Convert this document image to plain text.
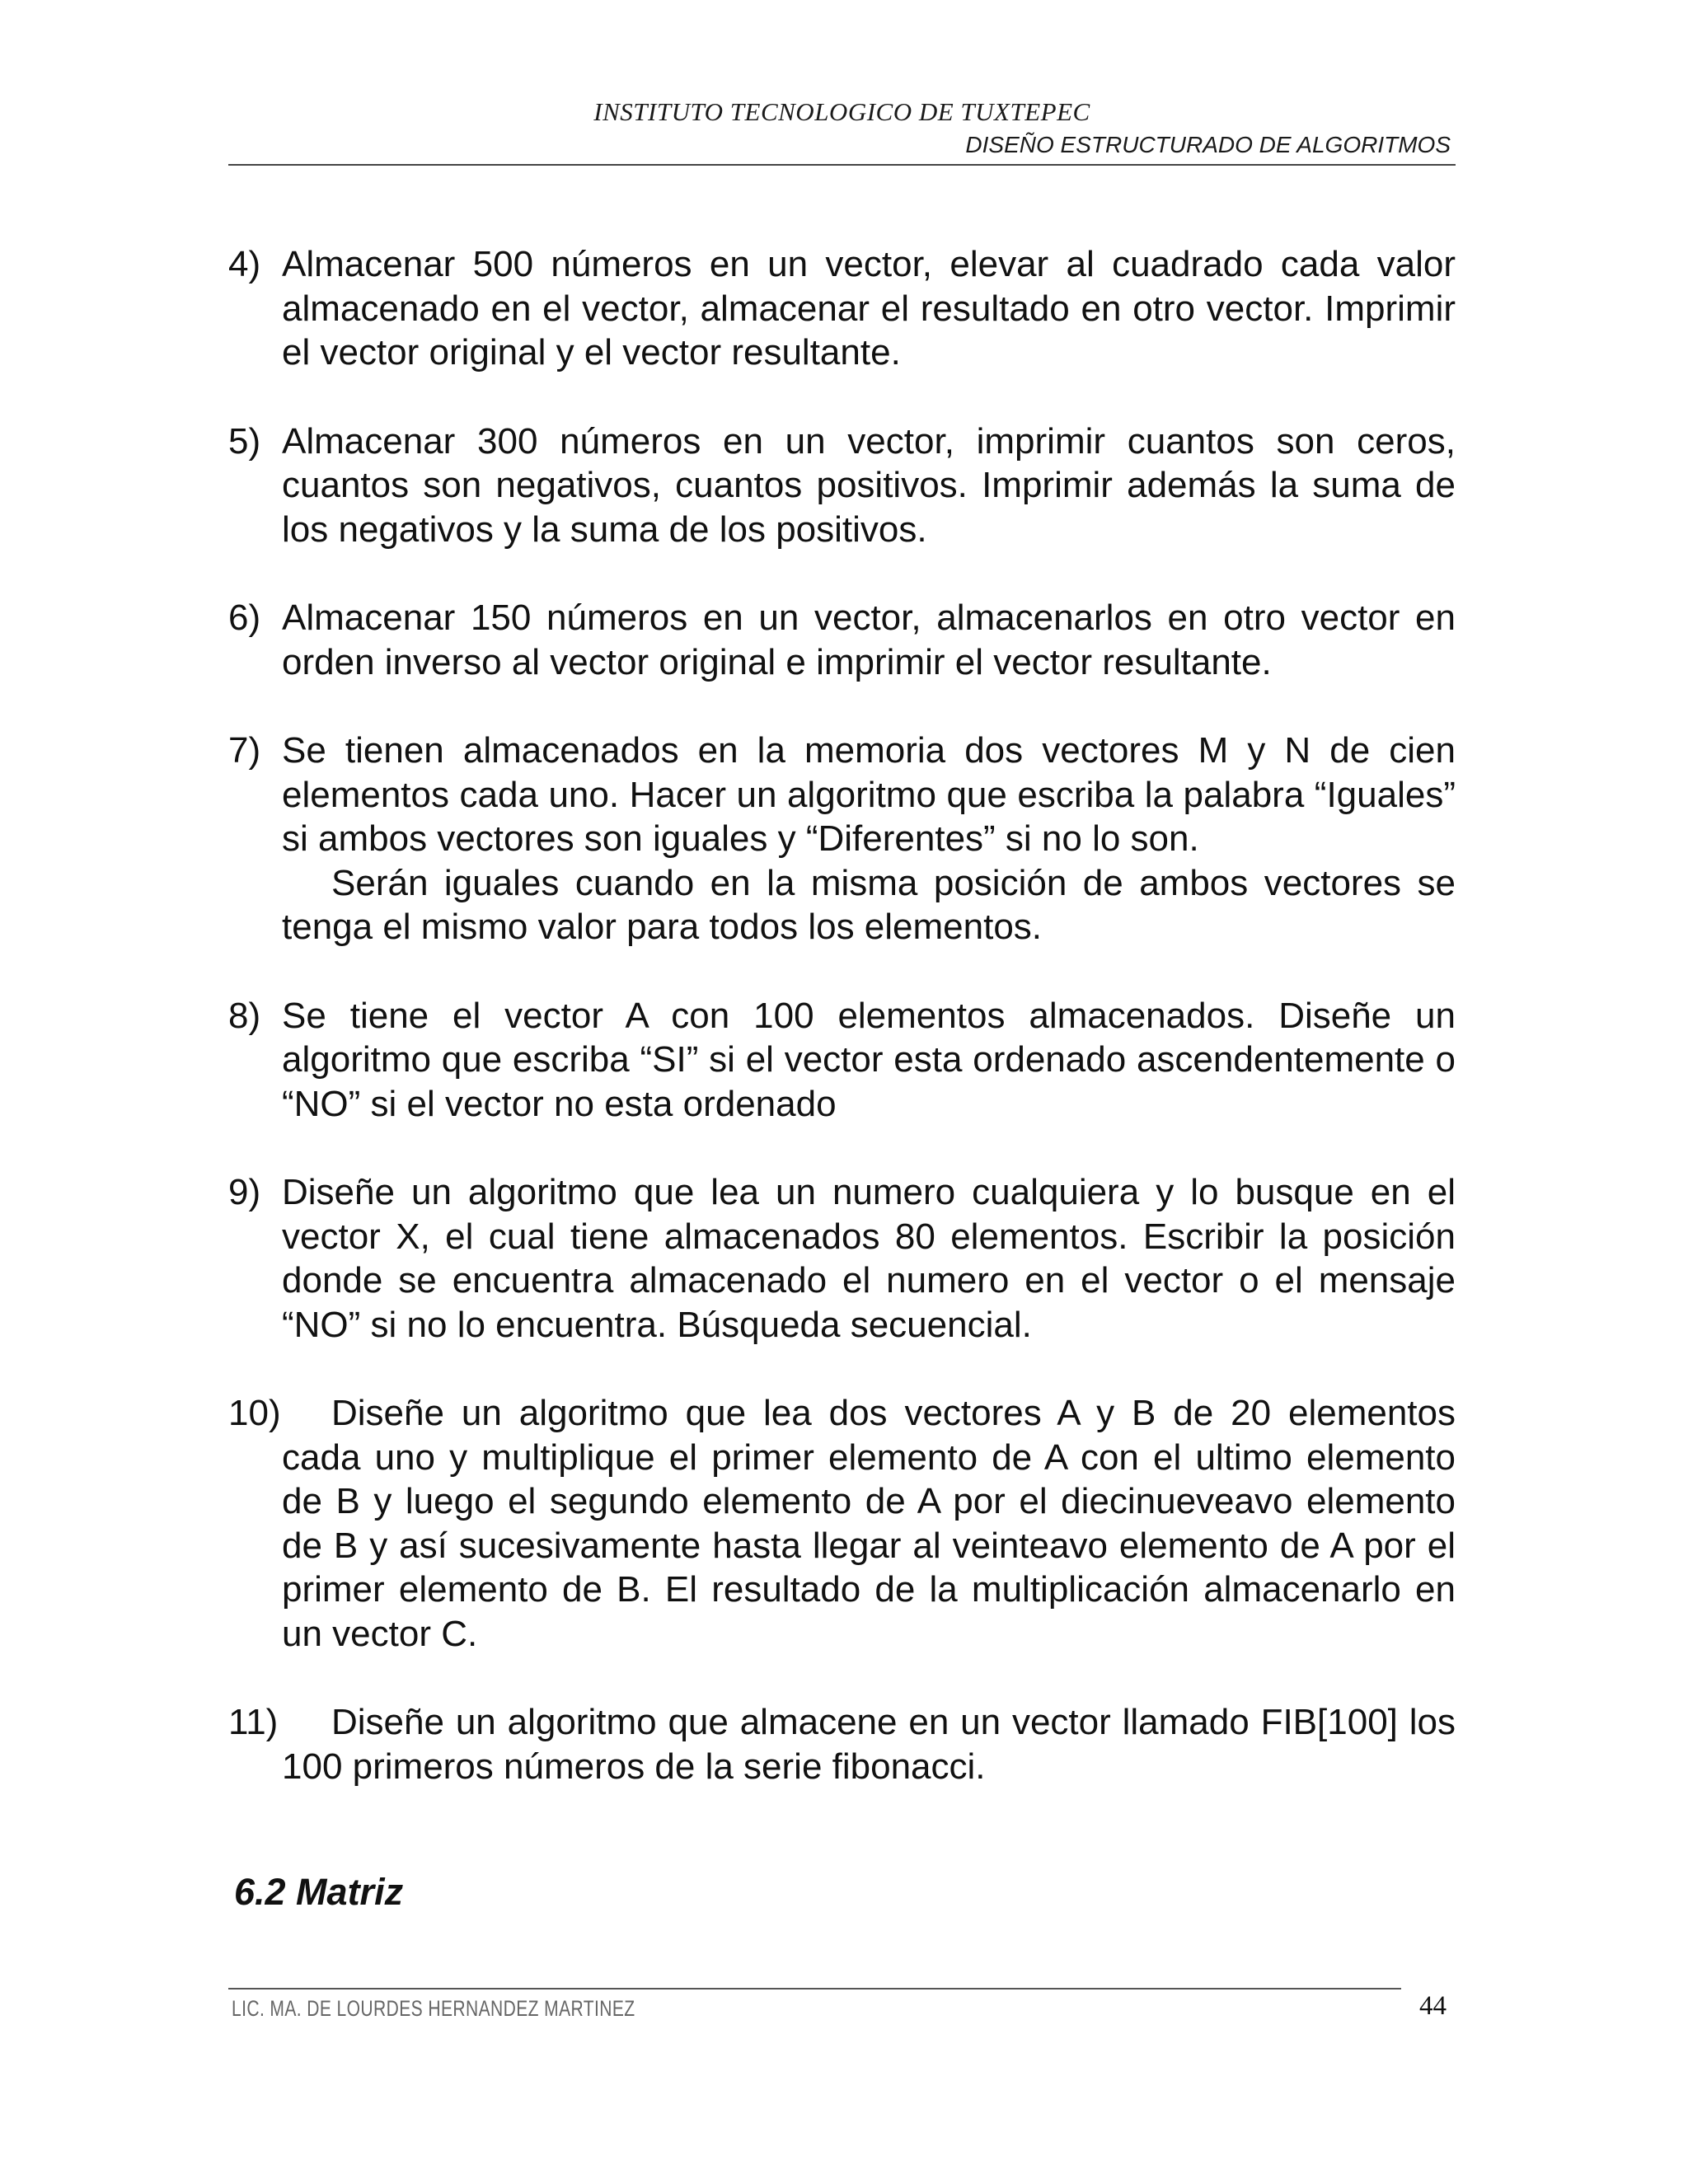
INSTITUTO TECNOLOGICO DE TUXTEPEC
DISEÑO ESTRUCTURADO DE ALGORITMOS
4) Almacenar 500 números en un vector, elevar al cuadrado cada valor almacenado en el vector, almacenar el resultado en otro vector. Imprimir el vector original y el vector resultante.

5) Almacenar 300 números en un vector, imprimir cuantos son ceros, cuantos son negativos, cuantos positivos. Imprimir además la suma de los negativos y la suma de los positivos.

6) Almacenar 150 números en un vector, almacenarlos en otro vector en orden inverso al vector original e imprimir el vector resultante.

7) Se tienen almacenados en la memoria dos vectores M y N de cien elementos cada uno. Hacer un algoritmo que escriba la palabra “Iguales” si ambos vectores son iguales y “Diferentes” si no lo son.

Serán iguales cuando en la misma posición de ambos vectores se tenga el mismo valor para todos los elementos.

8) Se tiene el vector A con 100 elementos almacenados. Diseñe un algoritmo que escriba “SI” si el vector esta ordenado ascendentemente o “NO” si el vector no esta ordenado

9) Diseñe un algoritmo que lea un numero cualquiera y lo busque en el vector X, el cual tiene almacenados 80 elementos. Escribir la posición donde se encuentra almacenado el numero en el vector o el mensaje “NO” si no lo encuentra. Búsqueda secuencial.

10) Diseñe un algoritmo que lea dos vectores A y B de 20 elementos cada uno y multiplique el primer elemento de A con el ultimo elemento de B y luego el segundo elemento de A por el diecinueveavo elemento de B y así sucesivamente hasta llegar al veinteavo elemento de A por el primer elemento de B. El resultado de la multiplicación almacenarlo en un vector C.

11) Diseñe un algoritmo que almacene en un vector llamado FIB[100] los 100 primeros números de la serie fibonacci.

6.2 Matriz
LIC. MA. DE LOURDES HERNANDEZ MARTINEZ	44
